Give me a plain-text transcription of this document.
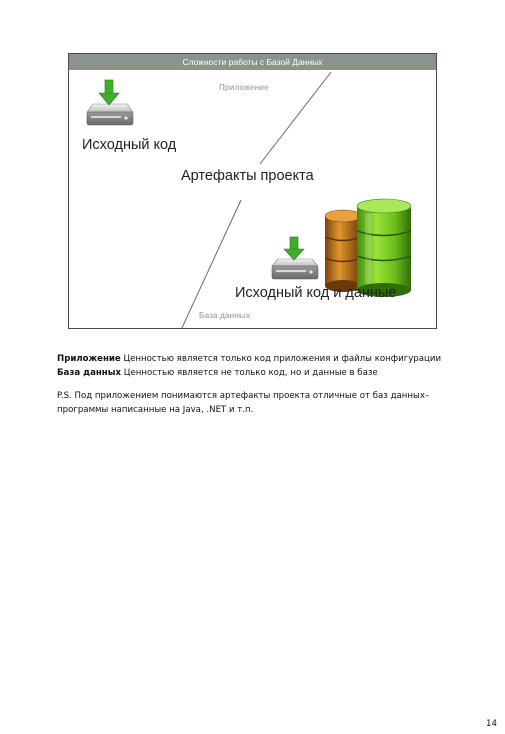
Сложности работы с Базой Данных
Приложение
Исходный код
Артефакты проекта
Исходный код и данные
База данных

Приложение Ценностью является только код приложения и файлы конфигурации

База данных Ценностью является не только код, но и данные в базе

P.S. Под приложением понимаются артефакты проекта отличные от баз данных– программы написанные на Java, .NET и т.п.

14
